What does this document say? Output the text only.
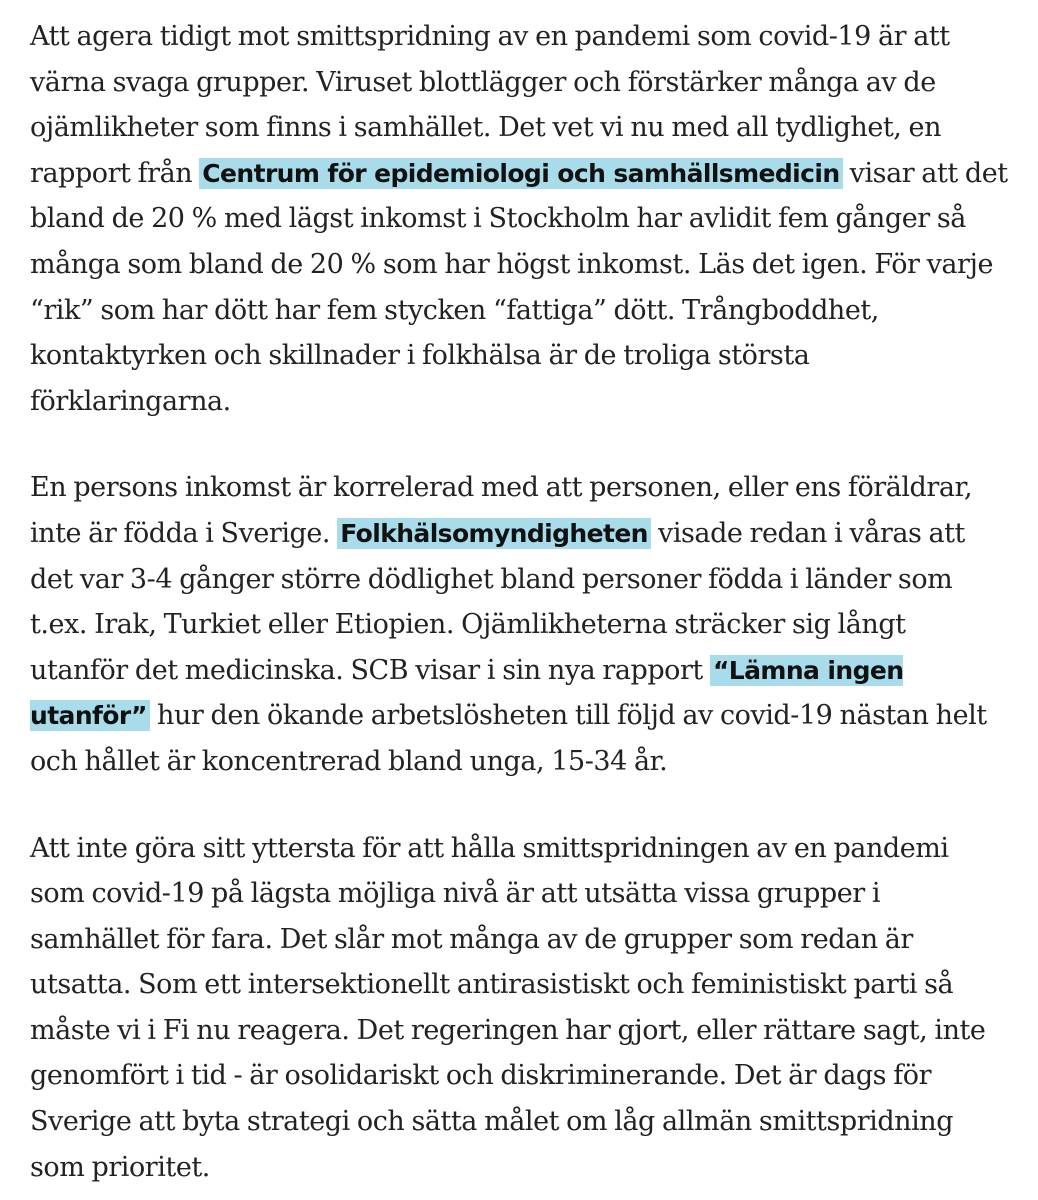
Att agera tidigt mot smittspridning av en pandemi som covid-19 är att värna svaga grupper. Viruset blottlägger och förstärker många av de ojämlikheter som finns i samhället. Det vet vi nu med all tydlighet, en rapport från Centrum för epidemiologi och samhällsmedicin visar att det bland de 20 % med lägst inkomst i Stockholm har avlidit fem gånger så många som bland de 20 % som har högst inkomst. Läs det igen. För varje “rik” som har dött har fem stycken “fattiga” dött. Trångboddhet, kontaktyrken och skillnader i folkhälsa är de troliga största förklaringarna.

En persons inkomst är korrelerad med att personen, eller ens föräldrar, inte är födda i Sverige. Folkhälsomyndigheten visade redan i våras att det var 3-4 gånger större dödlighet bland personer födda i länder som t.ex. Irak, Turkiet eller Etiopien. Ojämlikheterna sträcker sig långt utanför det medicinska. SCB visar i sin nya rapport “Lämna ingen utanför” hur den ökande arbetslösheten till följd av covid-19 nästan helt och hållet är koncentrerad bland unga, 15-34 år.

Att inte göra sitt yttersta för att hålla smittspridningen av en pandemi som covid-19 på lägsta möjliga nivå är att utsätta vissa grupper i samhället för fara. Det slår mot många av de grupper som redan är utsatta. Som ett intersektionellt antirasistiskt och feministiskt parti så måste vi i Fi nu reagera. Det regeringen har gjort, eller rättare sagt, inte genomfört i tid - är osolidariskt och diskriminerande. Det är dags för Sverige att byta strategi och sätta målet om låg allmän smittspridning som prioritet.
